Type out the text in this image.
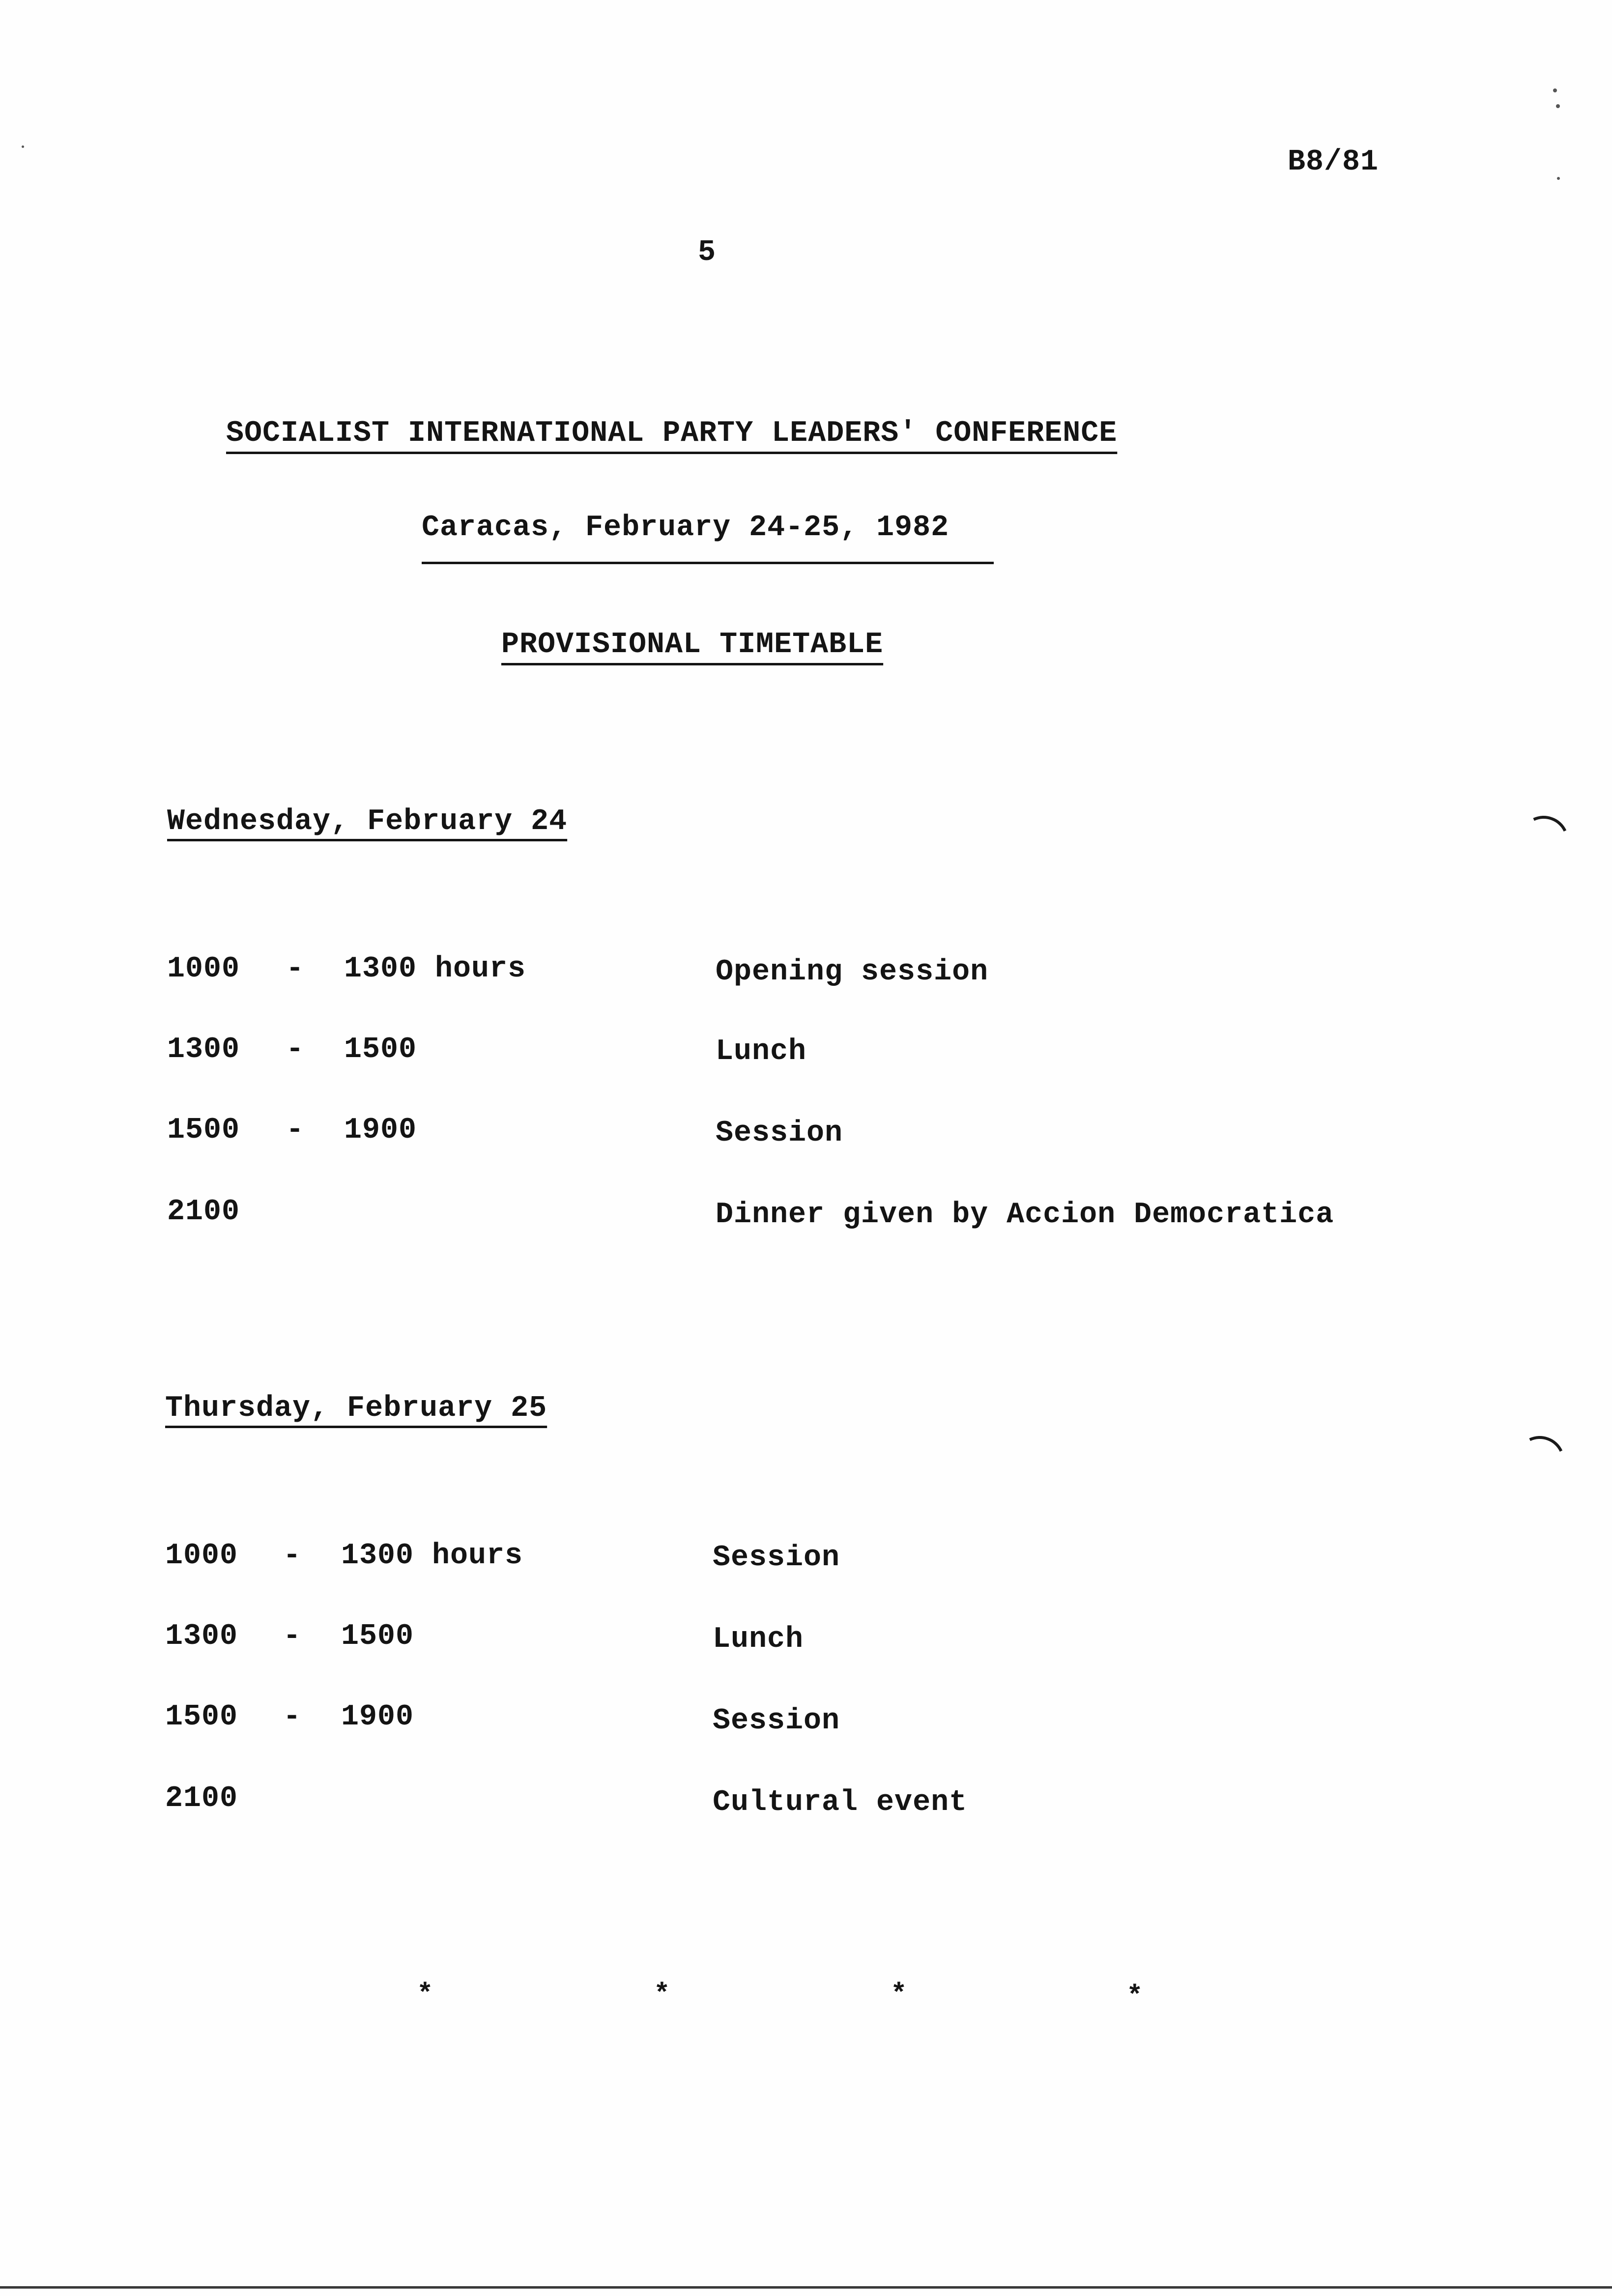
B8/81
5
SOCIALIST INTERNATIONAL PARTY LEADERS' CONFERENCE
Caracas, February 24-25, 1982
PROVISIONAL TIMETABLE
Wednesday, February 24
1000 - 1300 hours	Opening session
1300 - 1500	Lunch
1500 - 1900	Session
2100	Dinner given by Accion Democratica
Thursday, February 25
1000 - 1300 hours	Session
1300 - 1500	Lunch
1500 - 1900	Session
2100	Cultural event
*	*	*	*
